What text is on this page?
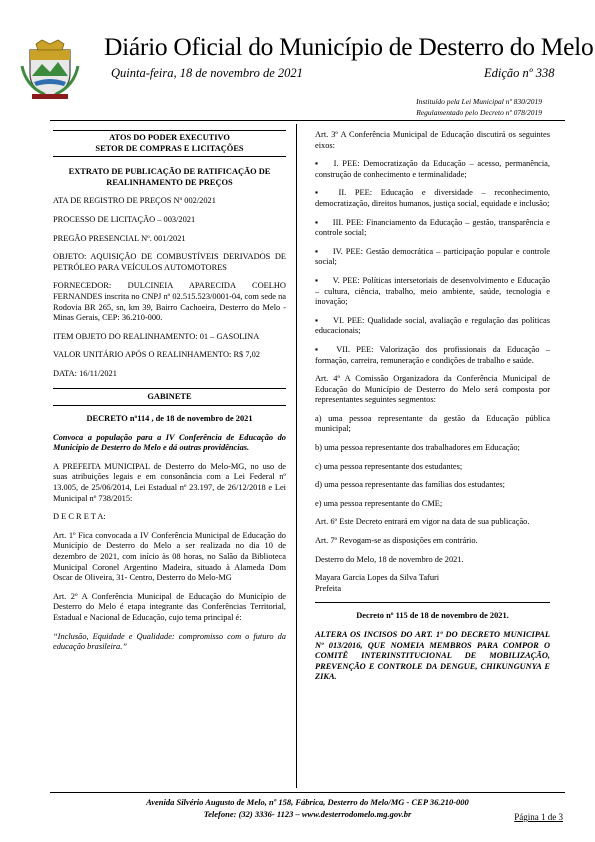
Diário Oficial do Município de Desterro do Melo
Quinta-feira, 18 de novembro de 2021	Edição nº 338
Instituído pela Lei Municipal nº 830/2019
Regulamentado pelo Decreto nº 078/2019

ATOS DO PODER EXECUTIVO

SETOR DE COMPRAS E LICITAÇÕES

EXTRATO DE PUBLICAÇÃO DE RATIFICAÇÃO DE REALINHAMENTO DE PREÇOS

ATA DE REGISTRO DE PREÇOS Nº 002/2021

PROCESSO DE LICITAÇÃO – 003/2021

PREGÃO PRESENCIAL Nº. 001/2021

OBJETO: AQUISIÇÃO DE COMBUSTÍVEIS DERIVADOS DE PETRÓLEO PARA VEÍCULOS AUTOMOTORES

FORNECEDOR: DULCINEIA APARECIDA COELHO FERNANDES inscrita no CNPJ nº 02.515.523/0001-04, com sede na Rodovia BR 265, sn, km 39, Bairro Cachoeira, Desterro do Melo - Minas Gerais, CEP: 36.210-000.

ITEM OBJETO DO REALINHAMENTO: 01 – GASOLINA

VALOR UNITÁRIO APÓS O REALINHAMENTO: R$ 7,02

DATA: 16/11/2021

GABINETE

DECRETO nº114 , de 18 de novembro de 2021

Convoca a população para a IV Conferência de Educação do Município de Desterro do Melo e dá outras providências.

A PREFEITA MUNICIPAL de Desterro do Melo-MG, no uso de suas atribuições legais e em consonância com a Lei Federal nº 13.005, de 25/06/2014, Lei Estadual nº 23.197, de 26/12/2018 e Lei Municipal nº 738/2015:

D E C R E T A:

Art. 1º Fica convocada a IV Conferência Municipal de Educação do Município de Desterro do Melo a ser realizada no dia 10 de dezembro de 2021, com início às 08 horas, no Salão da Biblioteca Municipal Coronel Argentino Madeira, situado à Alameda Dom Oscar de Oliveira, 31- Centro, Desterro do Melo-MG

Art. 2º A Conferência Municipal de Educação do Município de Desterro do Melo é etapa integrante das Conferências Territorial, Estadual e Nacional de Educação, cujo tema principal é:

“Inclusão, Equidade e Qualidade: compromisso com o futuro da educação brasileira.”

Art. 3º A Conferência Municipal de Educação discutirá os seguintes eixos:

▪ I. PEE: Democratização da Educação – acesso, permanência, construção de conhecimento e terminalidade;

▪ II. PEE: Educação e diversidade – reconhecimento, democratização, direitos humanos, justiça social, equidade e inclusão;

▪ III. PEE: Financiamento da Educação – gestão, transparência e controle social;

▪ IV. PEE: Gestão democrática – participação popular e controle social;

▪ V. PEE: Políticas intersetoriais de desenvolvimento e Educação – cultura, ciência, trabalho, meio ambiente, saúde, tecnologia e inovação;

▪ VI. PEE: Qualidade social, avaliação e regulação das políticas educacionais;

▪ VII. PEE: Valorização dos profissionais da Educação – formação, carreira, remuneração e condições de trabalho e saúde.

Art. 4º A Comissão Organizadora da Conferência Municipal de Educação do Município de Desterro do Melo será composta por representantes seguintes segmentos:

a) uma pessoa representante da gestão da Educação pública municipal;

b) uma pessoa representante dos trabalhadores em Educação;

c) uma pessoa representante dos estudantes;

d) uma pessoa representante das famílias dos estudantes;

e) uma pessoa representante do CME;

Art. 6º Este Decreto entrará em vigor na data de sua publicação.

Art. 7º Revogam-se as disposições em contrário.

Desterro do Melo, 18 de novembro de 2021.

Mayara Garcia Lopes da Silva Tafuri

Prefeita

Decreto nº 115 de 18 de novembro de 2021.

ALTERA OS INCISOS DO ART. 1º DO DECRETO MUNICIPAL Nº 013/2016, QUE NOMEIA MEMBROS PARA COMPOR O COMITÊ INTERINSTITUCIONAL DE MOBILIZAÇÃO, PREVENÇÃO E CONTROLE DA DENGUE, CHIKUNGUNYA E ZIKA.

Avenida Silvério Augusto de Melo, nº 158, Fábrica, Desterro do Melo/MG - CEP 36.210-000
Telefone: (32) 3336- 1123 – www.desterrodomelo.mg.gov.br	Página 1 de 3
